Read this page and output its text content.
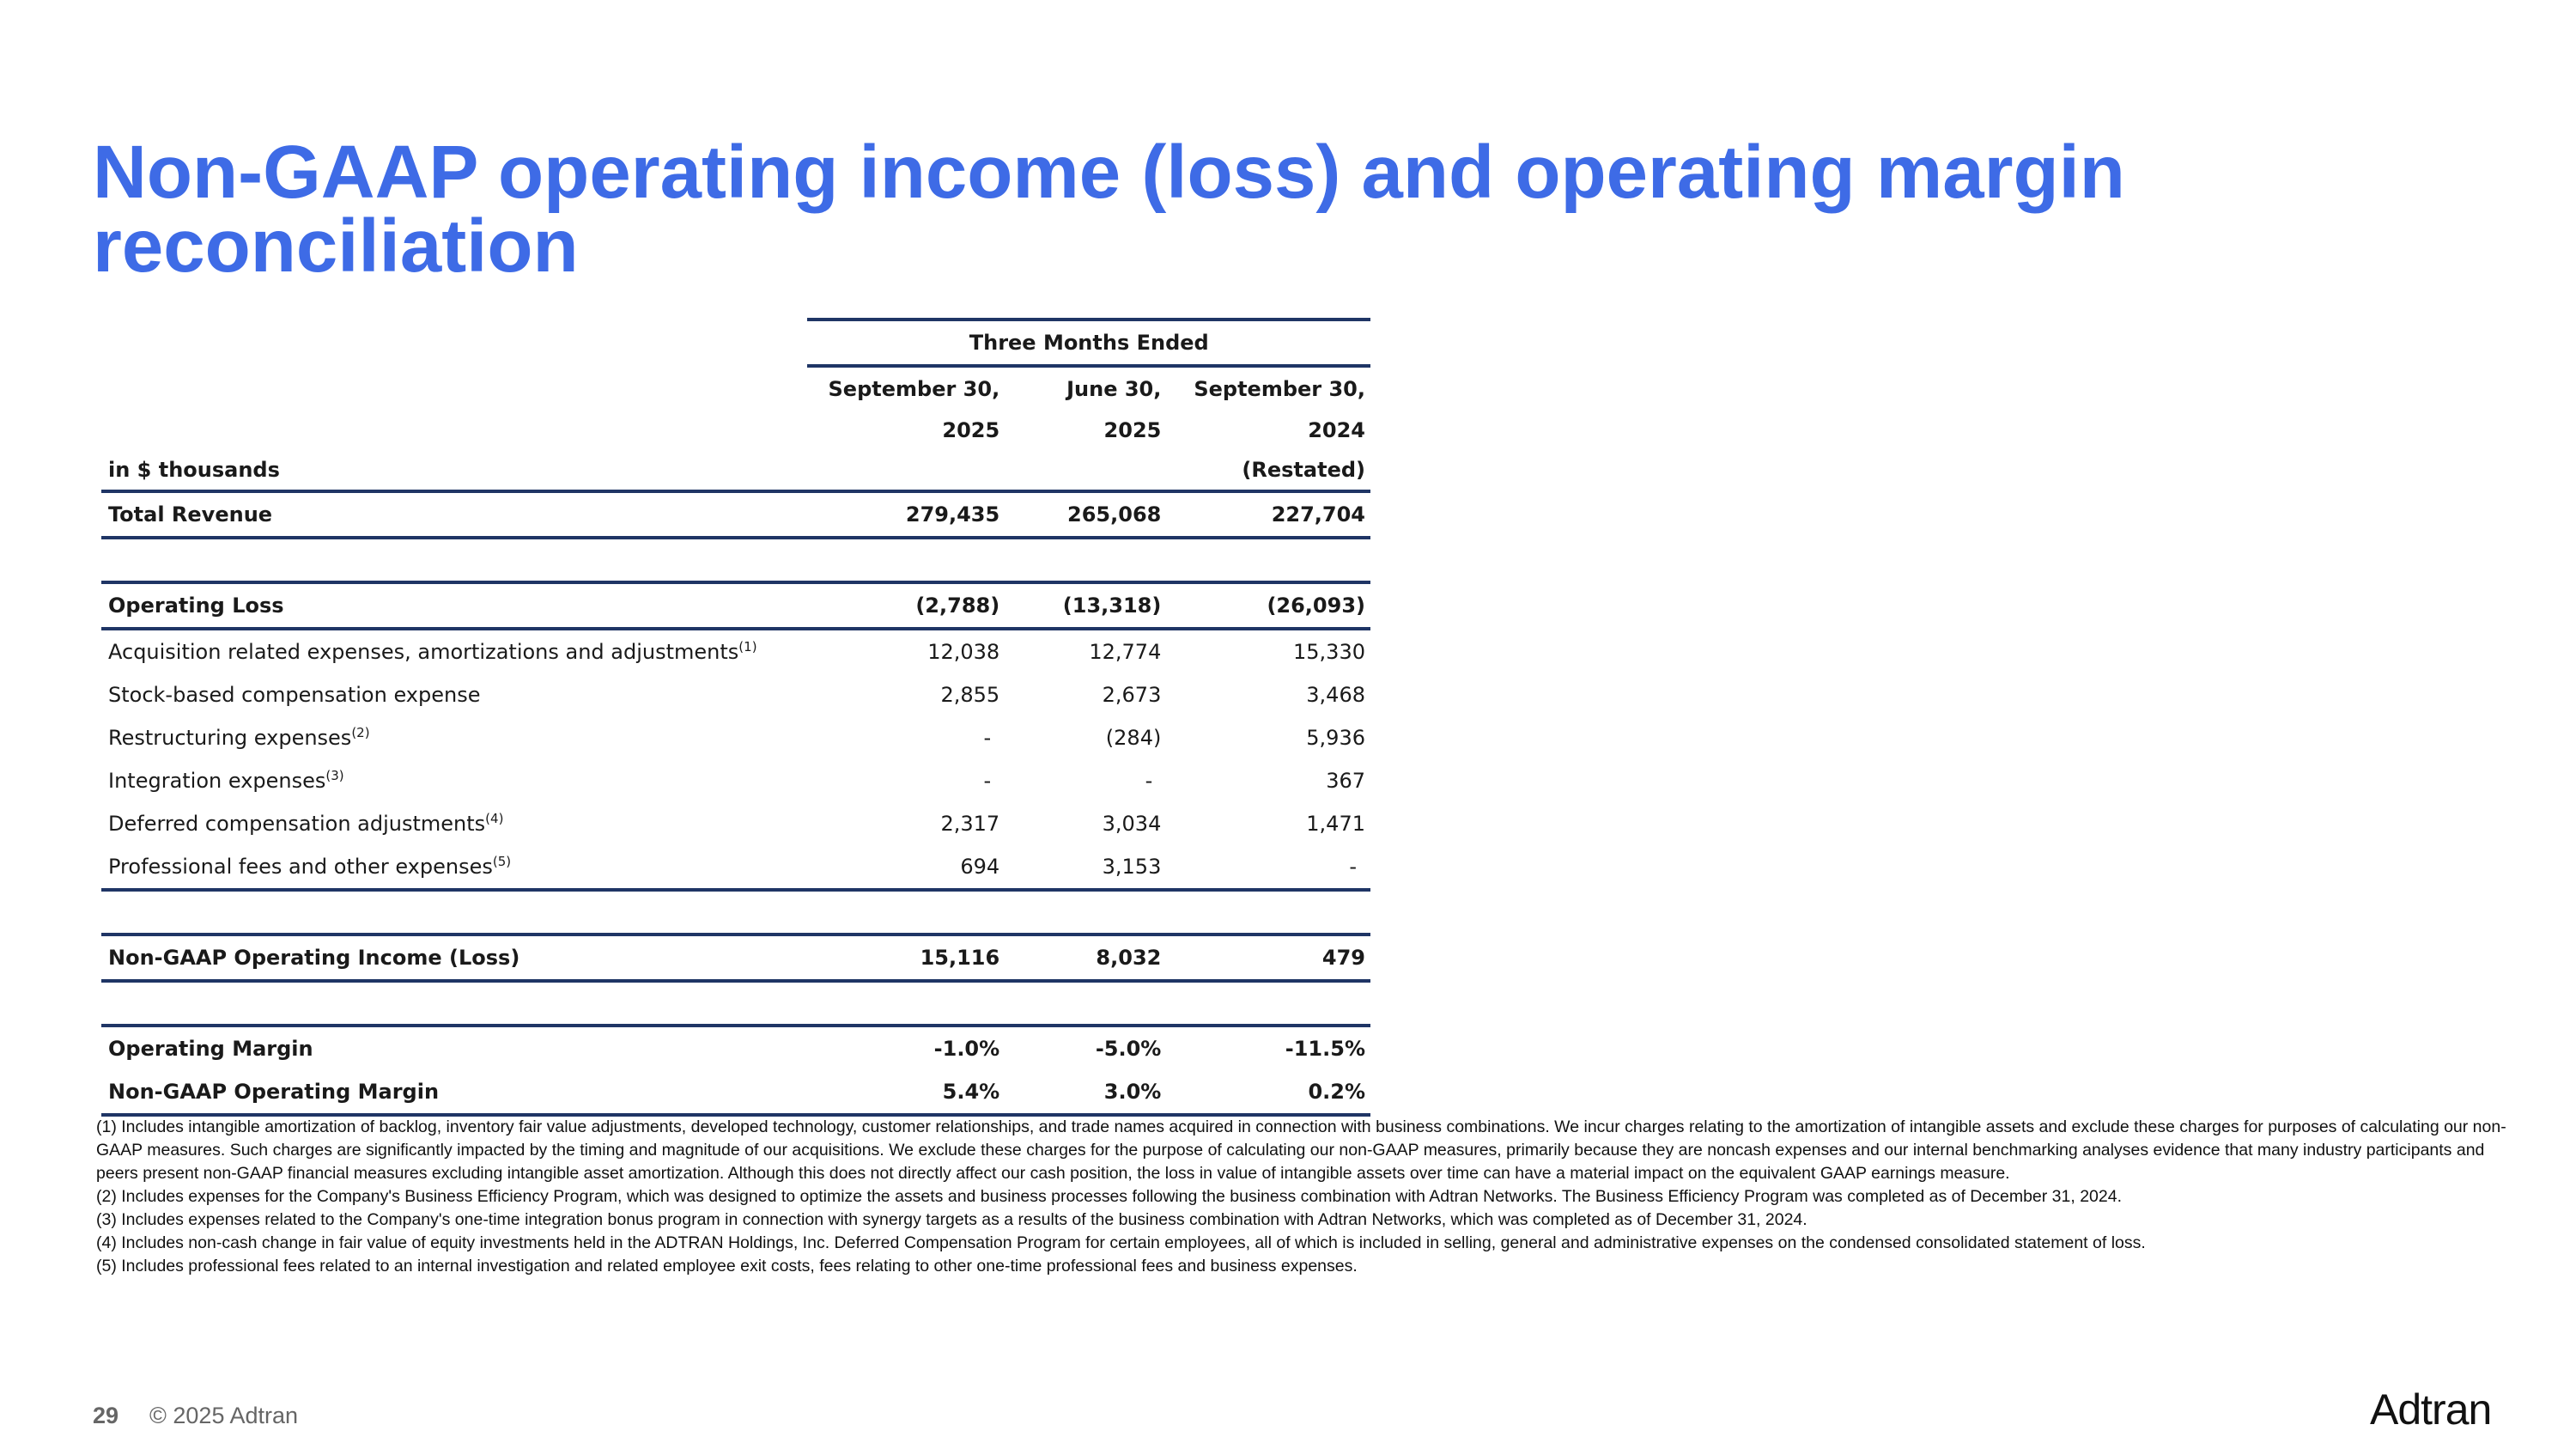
Non-GAAP operating income (loss) and operating margin
reconciliation
	Three Months Ended		
	September 30,	June 30,	September 30,
	2025	2025	2024
in $ thousands			(Restated)
Total Revenue	279,435	265,068	227,704

Operating Loss	(2,788)	(13,318)	(26,093)
Acquisition related expenses, amortizations and adjustments$^{(1)}$	12,038	12,774	15,330
Stock-based compensation expense	2,855	2,673	3,468
Restructuring expenses$^{(2)}$	-	(284)	5,936
Integration expenses$^{(3)}$	-	-	367
Deferred compensation adjustments$^{(4)}$	2,317	3,034	1,471
Professional fees and other expenses$^{(5)}$	694	3,153	-

Non-GAAP Operating Income (Loss)	15,116	8,032	479

Operating Margin	-1.0%	-5.0%	-11.5%
Non-GAAP Operating Margin	5.4%	3.0%	0.2%

(1) Includes intangible amortization of backlog, inventory fair value adjustments, developed technology, customer relationships, and trade names acquired in connection with business combinations. We incur charges relating to the amortization of intangible assets and exclude these charges for purposes of calculating our non-GAAP measures. Such charges are significantly impacted by the timing and magnitude of our acquisitions. We exclude these charges for the purpose of calculating our non-GAAP measures, primarily because they are noncash expenses and our internal benchmarking analyses evidence that many industry participants and peers present non-GAAP financial measures excluding intangible asset amortization. Although this does not directly affect our cash position, the loss in value of intangible assets over time can have a material impact on the equivalent GAAP earnings measure.

(2) Includes expenses for the Company's Business Efficiency Program, which was designed to optimize the assets and business processes following the business combination with Adtran Networks. The Business Efficiency Program was completed as of December 31, 2024.

(3) Includes expenses related to the Company's one-time integration bonus program in connection with synergy targets as a results of the business combination with Adtran Networks, which was completed as of December 31, 2024.

(4) Includes non-cash change in fair value of equity investments held in the ADTRAN Holdings, Inc. Deferred Compensation Program for certain employees, all of which is included in selling, general and administrative expenses on the condensed consolidated statement of loss.

(5) Includes professional fees related to an internal investigation and related employee exit costs, fees relating to other one-time professional fees and business expenses.

29 © 2025 Adtran	Adtran
